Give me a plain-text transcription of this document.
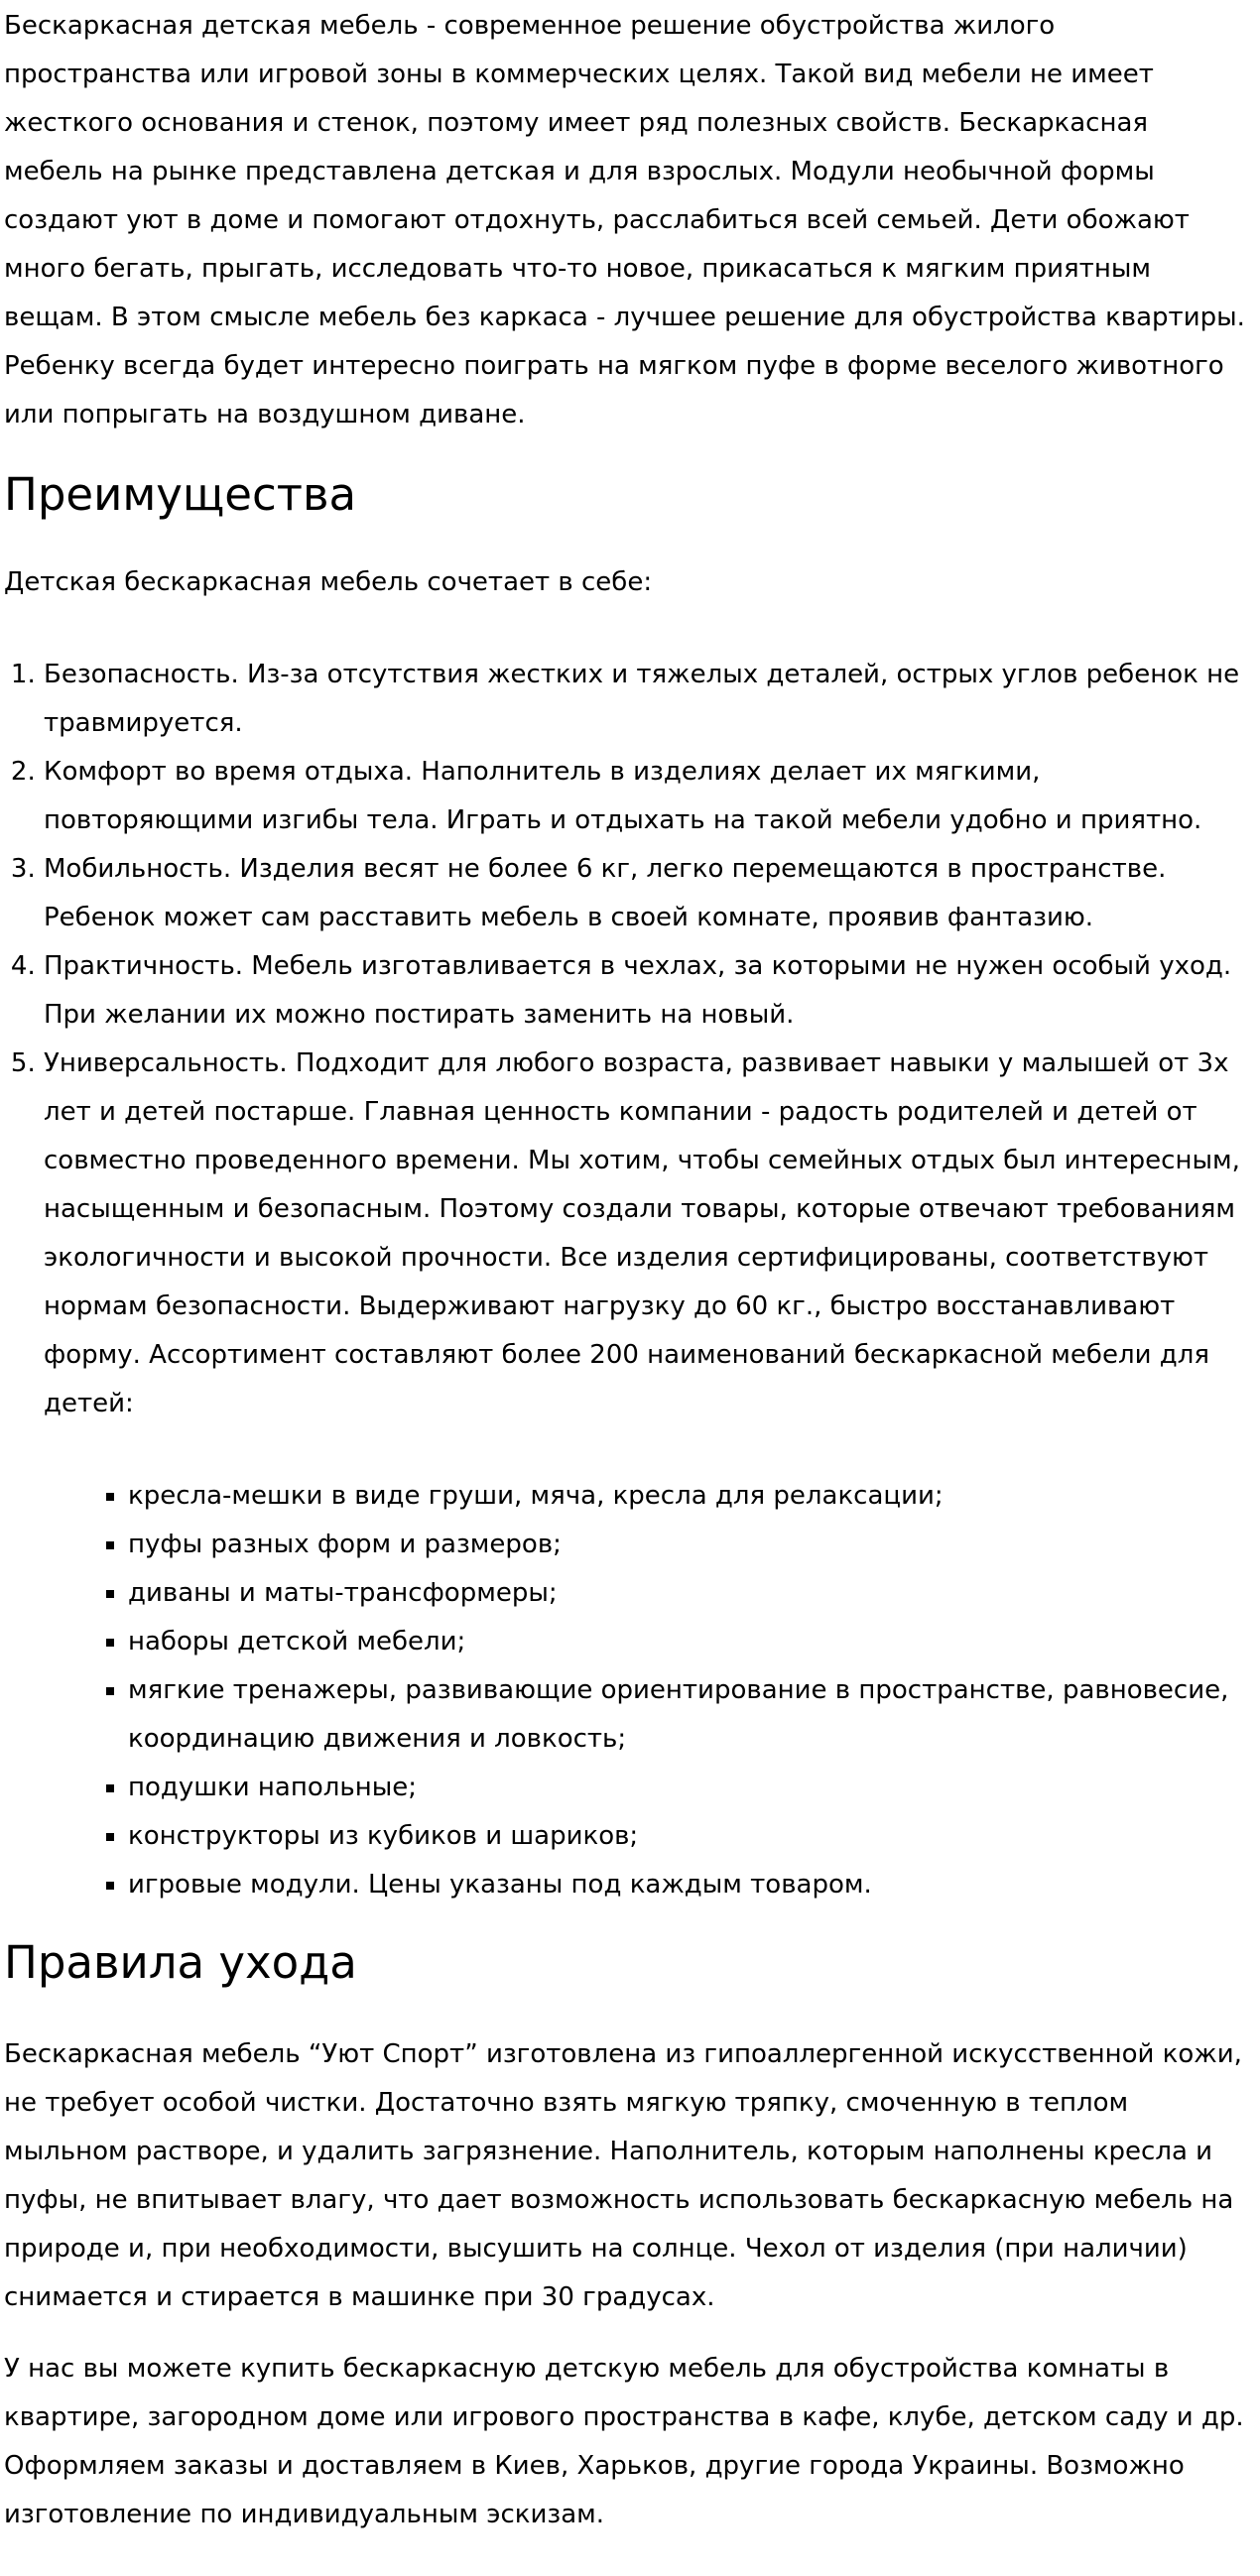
Бескаркасная детская мебель - современное решение обустройства жилого пространства или игровой зоны в коммерческих целях. Такой вид мебели не имеет жесткого основания и стенок, поэтому имеет ряд полезных свойств. Бескаркасная мебель на рынке представлена детская и для взрослых. Модули необычной формы создают уют в доме и помогают отдохнуть, расслабиться всей семьей. Дети обожают много бегать, прыгать, исследовать что-то новое, прикасаться к мягким приятным вещам. В этом смысле мебель без каркаса - лучшее решение для обустройства квартиры. Ребенку всегда будет интересно поиграть на мягком пуфе в форме веселого животного или попрыгать на воздушном диване.

Преимущества

Детская бескаркасная мебель сочетает в себе:

1. Безопасность. Из-за отсутствия жестких и тяжелых деталей, острых углов ребенок не травмируется.
2. Комфорт во время отдыха. Наполнитель в изделиях делает их мягкими, повторяющими изгибы тела. Играть и отдыхать на такой мебели удобно и приятно.
3. Мобильность. Изделия весят не более 6 кг, легко перемещаются в пространстве. Ребенок может сам расставить мебель в своей комнате, проявив фантазию.
4. Практичность. Мебель изготавливается в чехлах, за которыми не нужен особый уход. При желании их можно постирать заменить на новый.
5. Универсальность. Подходит для любого возраста, развивает навыки у малышей от 3х лет и детей постарше. Главная ценность компании - радость родителей и детей от совместно проведенного времени. Мы хотим, чтобы семейных отдых был интересным, насыщенным и безопасным. Поэтому создали товары, которые отвечают требованиям экологичности и высокой прочности. Все изделия сертифицированы, соответствуют нормам безопасности. Выдерживают нагрузку до 60 кг., быстро восстанавливают форму. Ассортимент составляют более 200 наименований бескаркасной мебели для детей:
▪ кресла-мешки в виде груши, мяча, кресла для релаксации;
▪ пуфы разных форм и размеров;
▪ диваны и маты-трансформеры;
▪ наборы детской мебели;
▪ мягкие тренажеры, развивающие ориентирование в пространстве, равновесие, координацию движения и ловкость;
▪ подушки напольные;
▪ конструкторы из кубиков и шариков;
▪ игровые модули. Цены указаны под каждым товаром.
Правила ухода

Бескаркасная мебель “Уют Спорт” изготовлена из гипоаллергенной искусственной кожи, не требует особой чистки. Достаточно взять мягкую тряпку, смоченную в теплом мыльном растворе, и удалить загрязнение. Наполнитель, которым наполнены кресла и пуфы, не впитывает влагу, что дает возможность использовать бескаркасную мебель на природе и, при необходимости, высушить на солнце. Чехол от изделия (при наличии) снимается и стирается в машинке при 30 градусах.

У нас вы можете купить бескаркасную детскую мебель для обустройства комнаты в квартире, загородном доме или игрового пространства в кафе, клубе, детском саду и др. Оформляем заказы и доставляем в Киев, Харьков, другие города Украины. Возможно изготовление по индивидуальным эскизам.
